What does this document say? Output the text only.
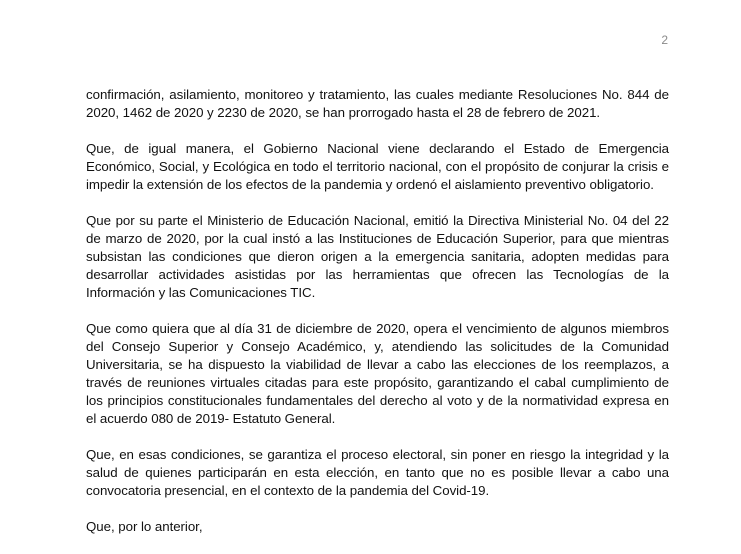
2

confirmación, asilamiento, monitoreo y tratamiento, las cuales mediante Resoluciones No. 844 de 2020, 1462 de 2020 y 2230 de 2020, se han prorrogado hasta el 28 de febrero de 2021.

Que, de igual manera, el Gobierno Nacional viene declarando el Estado de Emergencia Económico, Social, y Ecológica en todo el territorio nacional, con el propósito de conjurar la crisis e impedir la extensión de los efectos de la pandemia y ordenó el aislamiento preventivo obligatorio.

Que por su parte el Ministerio de Educación Nacional, emitió la Directiva Ministerial No. 04 del 22 de marzo de 2020, por la cual instó a las Instituciones de Educación Superior, para que mientras subsistan las condiciones que dieron origen a la emergencia sanitaria, adopten medidas para desarrollar actividades asistidas por las herramientas que ofrecen las Tecnologías de la Información y las Comunicaciones TIC.

Que como quiera que al día 31 de diciembre de 2020, opera el vencimiento de algunos miembros del Consejo Superior y Consejo Académico, y, atendiendo las solicitudes de la Comunidad Universitaria, se ha dispuesto la viabilidad de llevar a cabo las elecciones de los reemplazos, a través de reuniones virtuales citadas para este propósito, garantizando el cabal cumplimiento de los principios constitucionales fundamentales del derecho al voto y de la normatividad expresa en el acuerdo 080 de 2019- Estatuto General.

Que, en esas condiciones, se garantiza el proceso electoral, sin poner en riesgo la integridad y la salud de quienes participarán en esta elección, en tanto que no es posible llevar a cabo una convocatoria presencial, en el contexto de la pandemia del Covid-19.

Que, por lo anterior,
